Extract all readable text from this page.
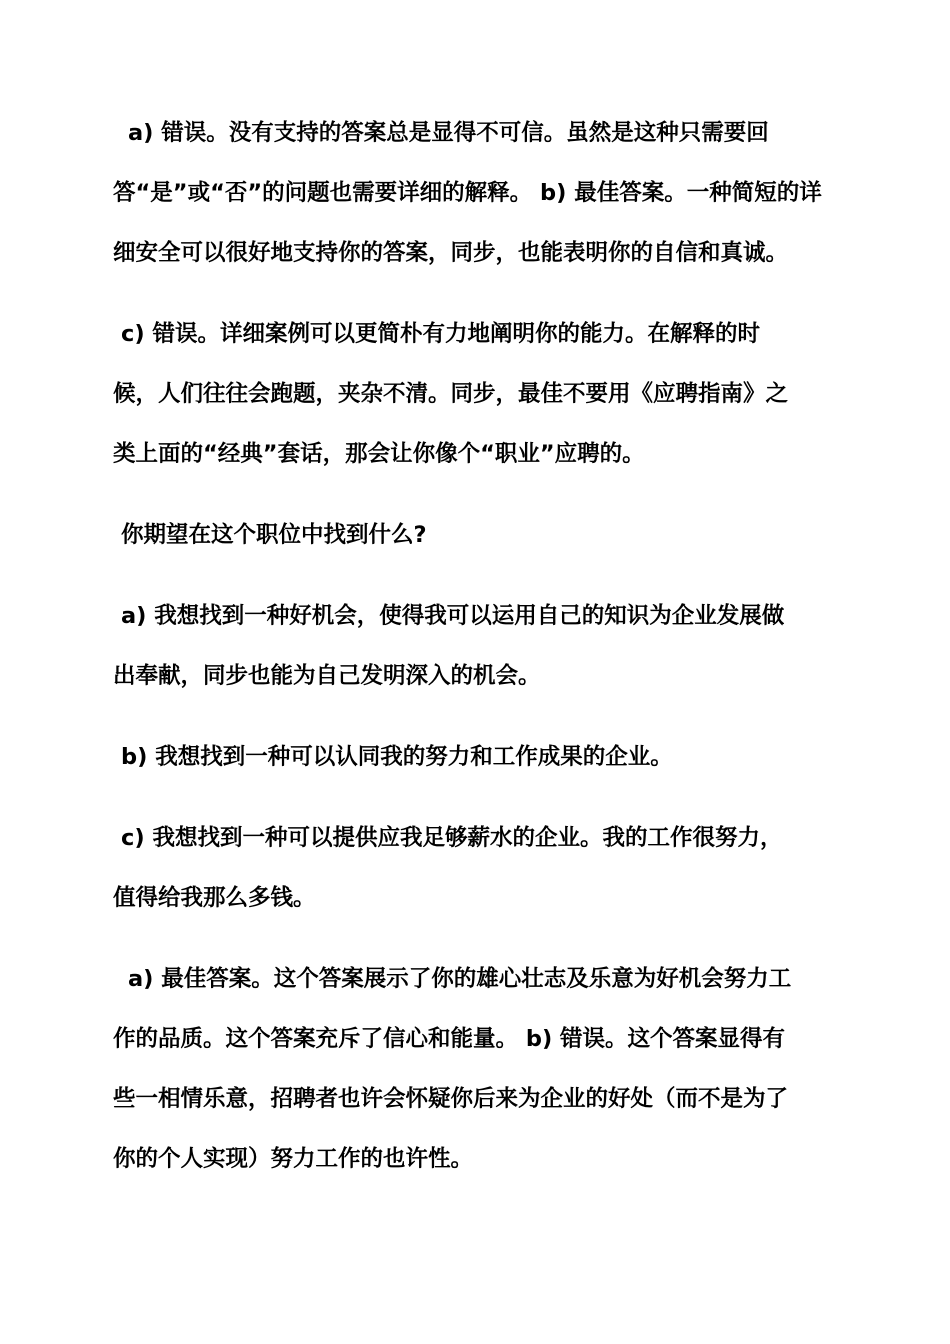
a) 错误。没有支持的答案总是显得不可信。虽然是这种只需要回
答“是”或“否”的问题也需要详细的解释。 b) 最佳答案。一种简短的详
细安全可以很好地支持你的答案，同步，也能表明你的自信和真诚。

c) 错误。详细案例可以更简朴有力地阐明你的能力。在解释的时
候，人们往往会跑题，夹杂不清。同步，最佳不要用《应聘指南》之
类上面的“经典”套话，那会让你像个“职业”应聘的。

你期望在这个职位中找到什么?

a) 我想找到一种好机会，使得我可以运用自己的知识为企业发展做
出奉献，同步也能为自己发明深入的机会。

b) 我想找到一种可以认同我的努力和工作成果的企业。

c) 我想找到一种可以提供应我足够薪水的企业。我的工作很努力，
值得给我那么多钱。

a) 最佳答案。这个答案展示了你的雄心壮志及乐意为好机会努力工
作的品质。这个答案充斥了信心和能量。 b) 错误。这个答案显得有
些一相情乐意，招聘者也许会怀疑你后来为企业的好处（而不是为了
你的个人实现）努力工作的也许性。
